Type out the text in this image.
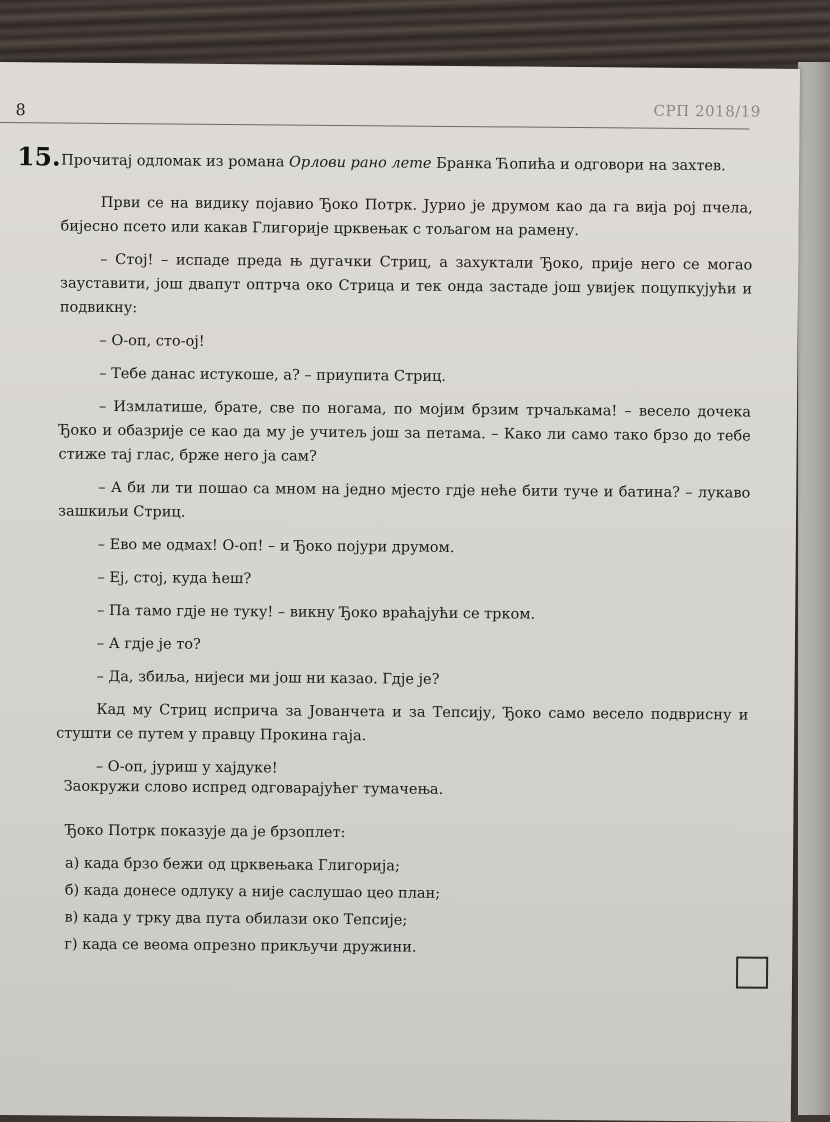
8	СРП 2018/19
15. Прочитај одломак из романа Орлови рано лете Бранка Ћопића и одговори на захтев.

Први се на видику појавио Ђоко Потрк. Јурио је друмом као да га вија рој пчела, бијесно псето или какав Глигорије црквењак с тољагом на рамену.

– Стој! – испаде преда њ дугачки Стриц, а захуктали Ђоко, прије него се могао зауставити, још двапут оптрча око Стрица и тек онда застаде још увијек поцупкујући и подвикну:

– О-оп, сто-ој!

– Тебе данас истукоше, а? – приупита Стриц.

– Измлатише, брате, све по ногама, по мојим брзим трчаљкама! – весело дочека Ђоко и обазрије се као да му је учитељ још за петама. – Како ли само тако брзо до тебе стиже тај глас, брже него ја сам?

– А би ли ти пошао са мном на једно мјесто гдје неће бити туче и батина? – лукаво зашкиљи Стриц.

– Ево ме одмах! О-оп! – и Ђоко појури друмом.

– Еј, стој, куда ћеш?

– Па тамо гдје не туку! – викну Ђоко враћајући се трком.

– А гдје је то?

– Да, збиља, нијеси ми још ни казао. Гдје је?

Кад му Стриц исприча за Јованчета и за Тепсију, Ђоко само весело подврисну и стушти се путем у правцу Прокина гаја.

– О-оп, јуриш у хајдуке!

Заокружи слово испред одговарајућег тумачења.
Ђоко Потрк показује да је брзоплет:
а) када брзо бежи од црквењака Глигорија;
б) када донесе одлуку а није саслушао цео план;
в) када у трку два пута обилази око Тепсије;
г) када се веома опрезно прикључи дружини.
